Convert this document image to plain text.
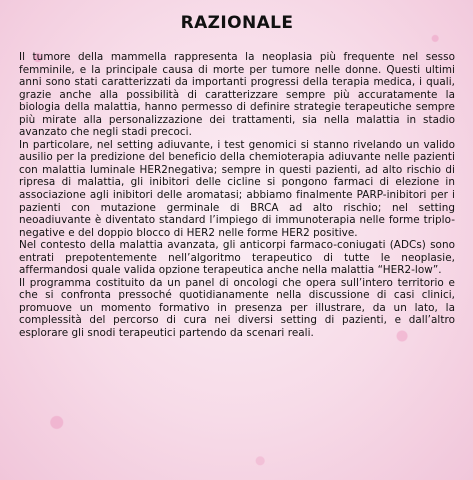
RAZIONALE

Il tumore della mammella rappresenta la neoplasia più frequente nel sesso femminile, e la principale causa di morte per tumore nelle donne. Questi ultimi anni sono stati caratterizzati da importanti progressi della terapia medica, i quali, grazie anche alla possibilità di caratterizzare sempre più accuratamente la biologia della malattia, hanno permesso di definire strategie terapeutiche sempre più mirate alla personalizzazione dei trattamenti, sia nella malattia in stadio avanzato che negli stadi precoci.

In particolare, nel setting adiuvante, i test genomici si stanno rivelando un valido ausilio per la predizione del beneficio della chemioterapia adiuvante nelle pazienti con malattia luminale HER2negativa; sempre in questi pazienti, ad alto rischio di ripresa di malattia, gli inibitori delle cicline si pongono farmaci di elezione in associazione agli inibitori delle aromatasi; abbiamo finalmente PARP-inibitori per i pazienti con mutazione germinale di BRCA ad alto rischio; nel setting neoadiuvante è diventato standard l’impiego di immunoterapia nelle forme triplo-negative e del doppio blocco di HER2 nelle forme HER2 positive.

Nel contesto della malattia avanzata, gli anticorpi farmaco-coniugati (ADCs) sono entrati prepotentemente nell’algoritmo terapeutico di tutte le neoplasie, affermandosi quale valida opzione terapeutica anche nella malattia “HER2-low”.

Il programma costituito da un panel di oncologi che opera sull’intero territorio e che si confronta pressoché quotidianamente nella discussione di casi clinici, promuove un momento formativo in presenza per illustrare, da un lato, la complessità del percorso di cura nei diversi setting di pazienti, e dall’altro esplorare gli snodi terapeutici partendo da scenari reali.
